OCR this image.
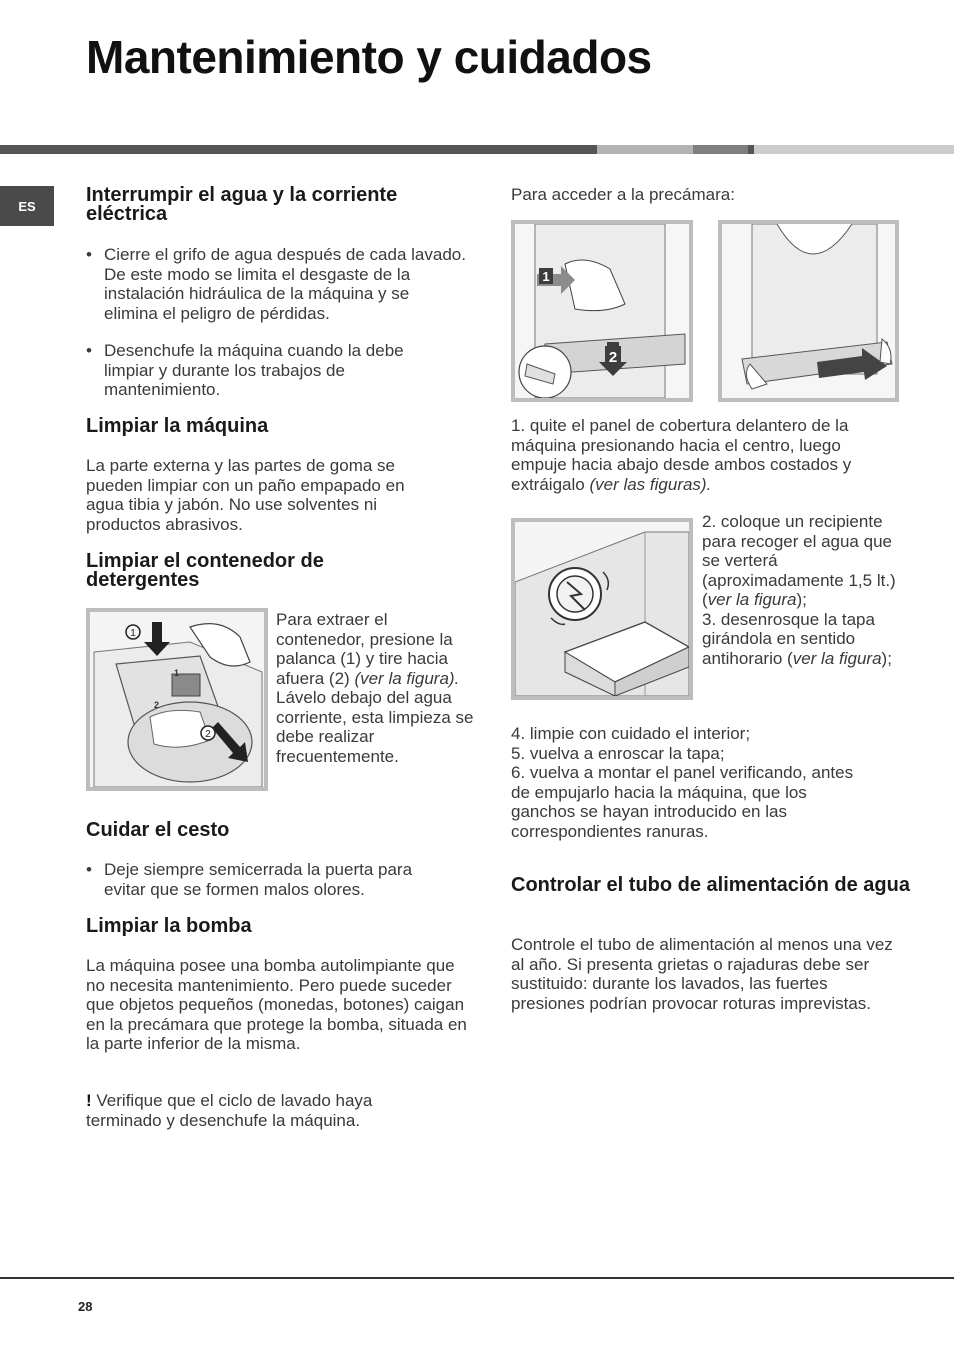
Mantenimiento y cuidados
ES	Interrumpir el agua y la corriente eléctrica
• Cierre el grifo de agua después de cada lavado. De este modo se limita el desgaste de la instalación hidráulica de la máquina y se elimina el peligro de pérdidas.
• Desenchufe la máquina cuando la debe limpiar y durante los trabajos de mantenimiento.
Limpiar la máquina

La parte externa y las partes de goma se pueden limpiar con un paño empapado en agua tibia y jabón. No use solventes ni productos abrasivos.

Limpiar el contenedor de detergentes
1
2
1
2

Para extraer el contenedor, presione la palanca (1) y tire hacia afuera (2) (ver la figura). Lávelo debajo del agua corriente, esta limpieza se debe realizar frecuentemente.

Cuidar el cesto
• Deje siempre semicerrada la puerta para evitar que se formen malos olores.
Limpiar la bomba

La máquina posee una bomba autolimpiante que no necesita mantenimiento. Pero puede suceder que objetos pequeños (monedas, botones) caigan en la precámara que protege la bomba, situada en la parte inferior de la misma.

! Verifique que el ciclo de lavado haya terminado y desenchufe la máquina.

Para acceder a la precámara:

1
2

1. quite el panel de cobertura delantero de la máquina presionando hacia el centro, luego empuje hacia abajo desde ambos costados y extráigalo (ver las figuras).

2. coloque un recipiente para recoger el agua que se verterá (aproximadamente 1,5 lt.) (ver la figura);
3. desenrosque la tapa girándola en sentido antihorario (ver la figura);

4. limpie con cuidado el interior;
5. vuelva a enroscar la tapa;
6. vuelva a montar el panel verificando, antes de empujarlo hacia la máquina, que los ganchos se hayan introducido en las correspondientes ranuras.

Controlar el tubo de alimentación de agua

Controle el tubo de alimentación al menos una vez al año. Si presenta grietas o rajaduras debe ser sustituido: durante los lavados, las fuertes presiones podrían provocar roturas imprevistas.

28
